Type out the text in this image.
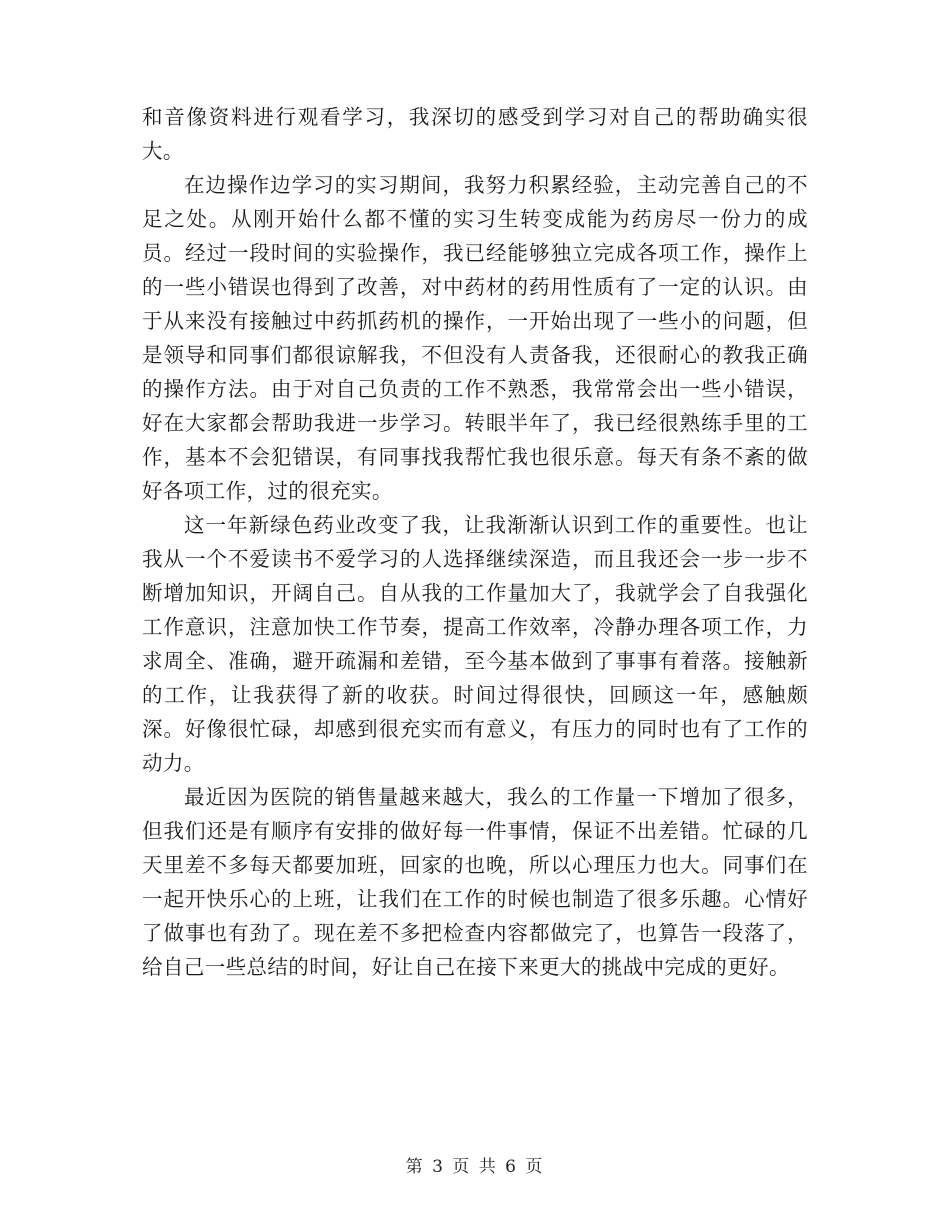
和音像资料进行观看学习，我深切的感受到学习对自己的帮助确实很大。

在边操作边学习的实习期间，我努力积累经验，主动完善自己的不足之处。从刚开始什么都不懂的实习生转变成能为药房尽一份力的成员。经过一段时间的实验操作，我已经能够独立完成各项工作，操作上的一些小错误也得到了改善，对中药材的药用性质有了一定的认识。由于从来没有接触过中药抓药机的操作，一开始出现了一些小的问题，但是领导和同事们都很谅解我，不但没有人责备我，还很耐心的教我正确的操作方法。由于对自己负责的工作不熟悉，我常常会出一些小错误，好在大家都会帮助我进一步学习。转眼半年了，我已经很熟练手里的工作，基本不会犯错误，有同事找我帮忙我也很乐意。每天有条不紊的做好各项工作，过的很充实。

这一年新绿色药业改变了我，让我渐渐认识到工作的重要性。也让我从一个不爱读书不爱学习的人选择继续深造，而且我还会一步一步不断增加知识，开阔自己。自从我的工作量加大了，我就学会了自我强化工作意识，注意加快工作节奏，提高工作效率，冷静办理各项工作，力求周全、准确，避开疏漏和差错，至今基本做到了事事有着落。接触新的工作，让我获得了新的收获。时间过得很快，回顾这一年，感触颇深。好像很忙碌，却感到很充实而有意义，有压力的同时也有了工作的动力。

最近因为医院的销售量越来越大，我么的工作量一下增加了很多，但我们还是有顺序有安排的做好每一件事情，保证不出差错。忙碌的几天里差不多每天都要加班，回家的也晚，所以心理压力也大。同事们在一起开快乐心的上班，让我们在工作的时候也制造了很多乐趣。心情好了做事也有劲了。现在差不多把检查内容都做完了，也算告一段落了，给自己一些总结的时间，好让自己在接下来更大的挑战中完成的更好。

第 3 页 共 6 页
